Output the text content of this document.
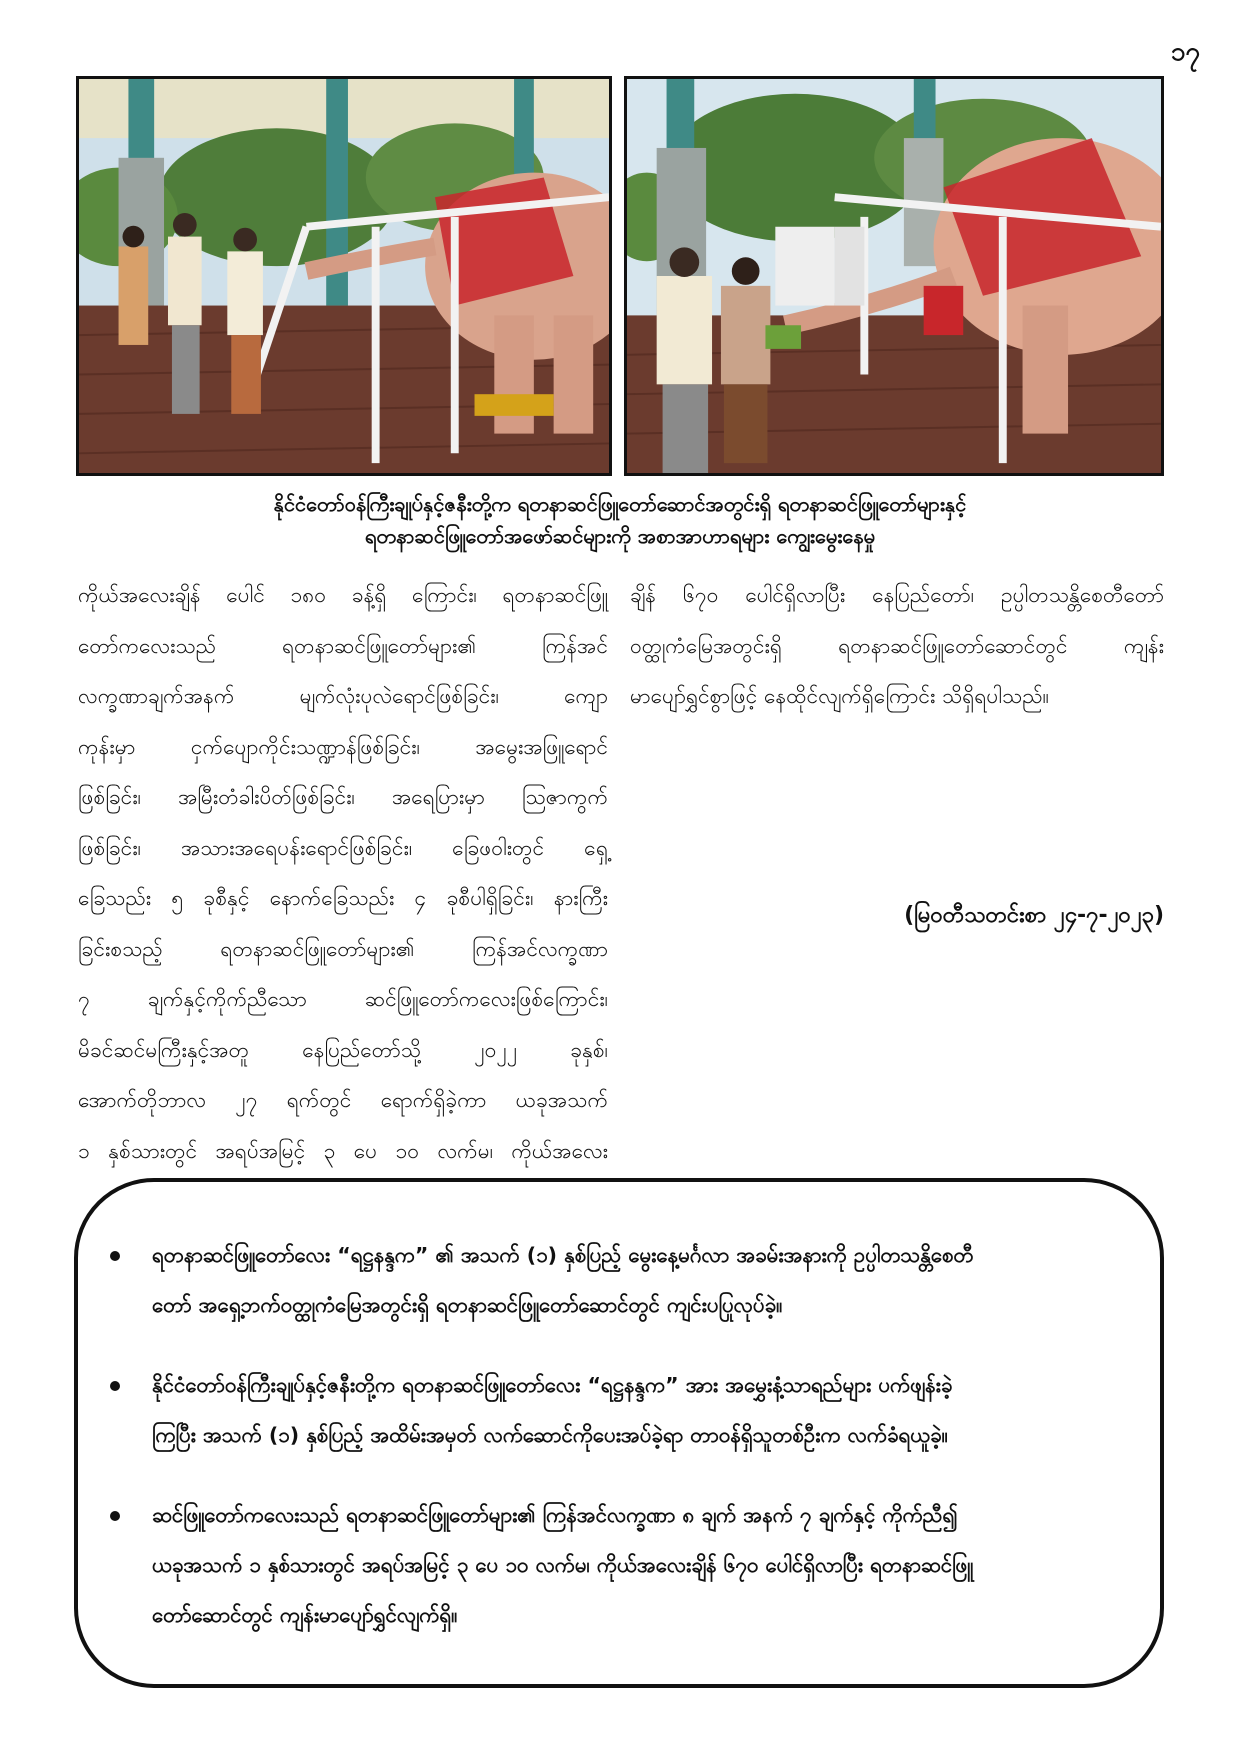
၁၇
နိုင်ငံတော်ဝန်ကြီးချုပ်နှင့်ဇနီးတို့က ရတနာဆင်ဖြူတော်ဆောင်အတွင်းရှိ ရတနာဆင်ဖြူတော်များနှင့်
ရတနာဆင်ဖြူတော်အဖော်ဆင်များကို အစာအာဟာရများ ကျွေးမွေးနေမှု
ကိုယ်အလေးချိန် ပေါင် ၁၈၀ ခန့်ရှိ ကြောင်း၊ ရတနာဆင်ဖြူ
တော်ကလေးသည် ရတနာဆင်ဖြူတော်များ၏ ကြန်အင်
လက္ခဏာချက်အနက် မျက်လုံးပုလဲရောင်ဖြစ်ခြင်း၊ ကျော
ကုန်းမှာ ငှက်ပျောကိုင်းသဏ္ဍာန်ဖြစ်ခြင်း၊ အမွေးအဖြူရောင်
ဖြစ်ခြင်း၊ အမြီးတံခါးပိတ်ဖြစ်ခြင်း၊ အရေပြားမှာ သြဇာကွက်
ဖြစ်ခြင်း၊ အသားအရေပန်းရောင်ဖြစ်ခြင်း၊ ခြေဖဝါးတွင် ရှေ့
ခြေသည်း ၅ ခုစီနှင့် နောက်ခြေသည်း ၄ ခုစီပါရှိခြင်း၊ နားကြီး
ခြင်းစသည့် ရတနာဆင်ဖြူတော်များ၏ ကြန်အင်လက္ခဏာ
၇ ချက်နှင့်ကိုက်ညီသော ဆင်ဖြူတော်ကလေးဖြစ်ကြောင်း၊
မိခင်ဆင်မကြီးနှင့်အတူ နေပြည်တော်သို့ ၂၀၂၂ ခုနှစ်၊
အောက်တိုဘာလ ၂၇ ရက်တွင် ရောက်ရှိခဲ့ကာ ယခုအသက်
၁ နှစ်သားတွင် အရပ်အမြင့် ၃ ပေ ၁၀ လက်မ၊ ကိုယ်အလေး
ချိန် ၆၇၀ ပေါင်ရှိလာပြီး နေပြည်တော်၊ ဥပ္ပါတသန္တိစေတီတော်
ဝတ္ထုကံမြေအတွင်းရှိ ရတနာဆင်ဖြူတော်ဆောင်တွင် ကျန်း
မာပျော်ရွှင်စွာဖြင့် နေထိုင်လျက်ရှိကြောင်း သိရှိရပါသည်။
(မြဝတီသတင်းစာ ၂၄-၇-၂၀၂၃)
ရတနာဆင်ဖြူတော်လေး “ရဋ္ဌနန္ဒက” ၏ အသက် (၁) နှစ်ပြည့် မွေးနေ့မင်္ဂလာ အခမ်းအနားကို ဥပ္ပါတသန္တိစေတီ
တော် အရှေ့ဘက်ဝတ္ထုကံမြေအတွင်းရှိ ရတနာဆင်ဖြူတော်ဆောင်တွင် ကျင်းပပြုလုပ်ခဲ့။
နိုင်ငံတော်ဝန်ကြီးချုပ်နှင့်ဇနီးတို့က ရတနာဆင်ဖြူတော်လေး “ရဋ္ဌနန္ဒက” အား အမွှေးနံ့သာရည်များ ပက်ဖျန်းခဲ့
ကြပြီး အသက် (၁) နှစ်ပြည့် အထိမ်းအမှတ် လက်ဆောင်ကိုပေးအပ်ခဲ့ရာ တာဝန်ရှိသူတစ်ဦးက လက်ခံရယူခဲ့။
ဆင်ဖြူတော်ကလေးသည် ရတနာဆင်ဖြူတော်များ၏ ကြန်အင်လက္ခဏာ ၈ ချက် အနက် ၇ ချက်နှင့် ကိုက်ညီ၍
ယခုအသက် ၁ နှစ်သားတွင် အရပ်အမြင့် ၃ ပေ ၁၀ လက်မ၊ ကိုယ်အလေးချိန် ၆၇၀ ပေါင်ရှိလာပြီး ရတနာဆင်ဖြူ
တော်ဆောင်တွင် ကျန်းမာပျော်ရွှင်လျက်ရှိ။
